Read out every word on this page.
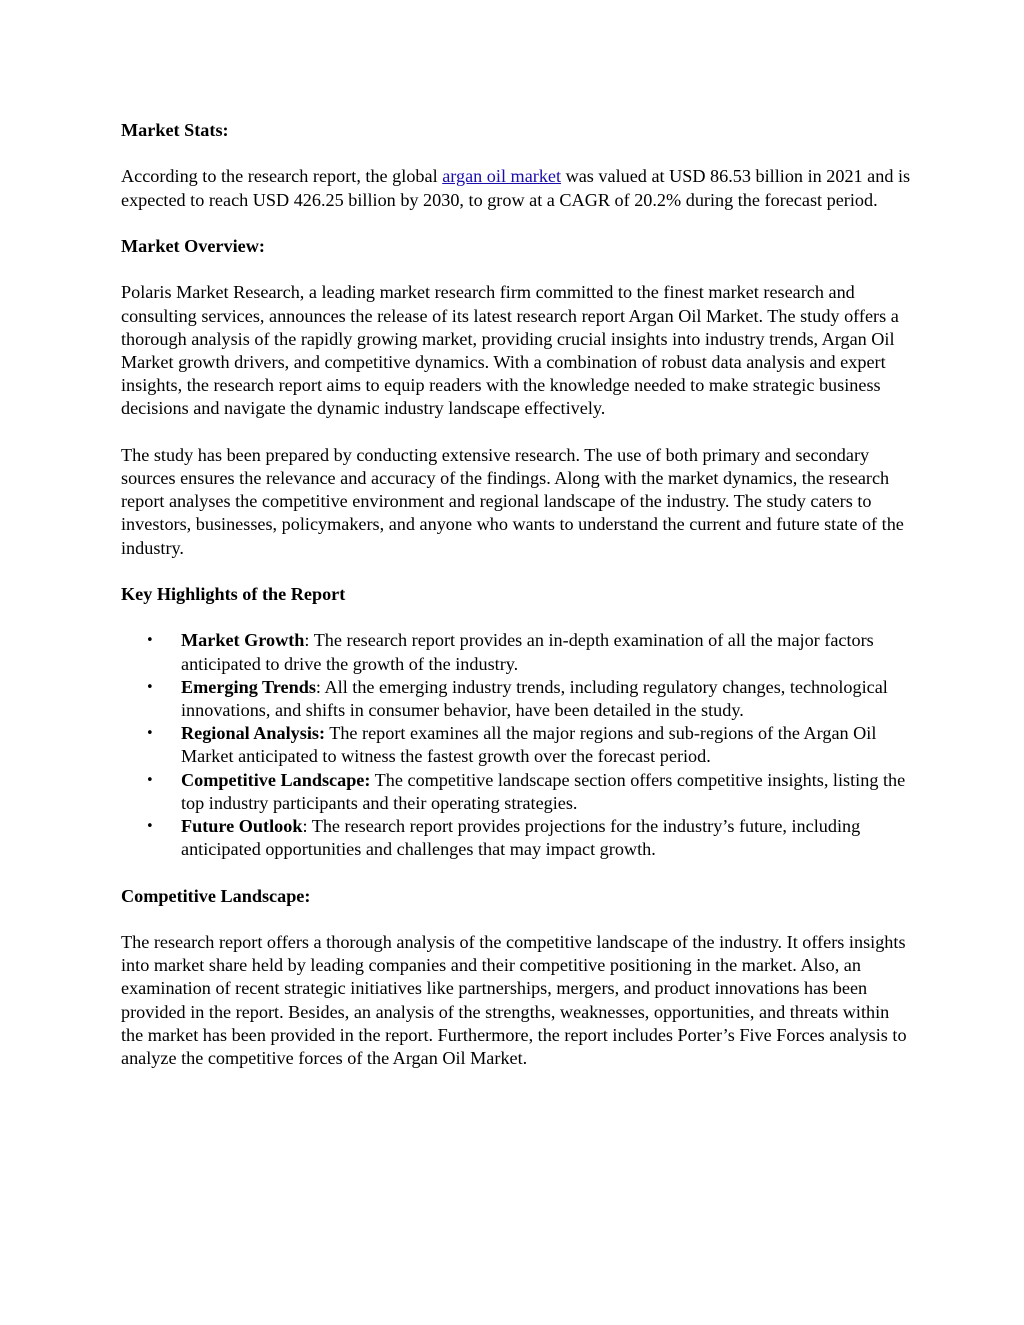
Market Stats:
According to the research report, the global argan oil market was valued at USD 86.53 billion in 2021 and is expected to reach USD 426.25 billion by 2030, to grow at a CAGR of 20.2% during the forecast period.
Market Overview:
Polaris Market Research, a leading market research firm committed to the finest market research and consulting services, announces the release of its latest research report Argan Oil Market. The study offers a thorough analysis of the rapidly growing market, providing crucial insights into industry trends, Argan Oil Market growth drivers, and competitive dynamics. With a combination of robust data analysis and expert insights, the research report aims to equip readers with the knowledge needed to make strategic business decisions and navigate the dynamic industry landscape effectively.
The study has been prepared by conducting extensive research. The use of both primary and secondary sources ensures the relevance and accuracy of the findings. Along with the market dynamics, the research report analyses the competitive environment and regional landscape of the industry. The study caters to investors, businesses, policymakers, and anyone who wants to understand the current and future state of the industry.
Key Highlights of the Report
• Market Growth: The research report provides an in-depth examination of all the major factors anticipated to drive the growth of the industry.
• Emerging Trends: All the emerging industry trends, including regulatory changes, technological innovations, and shifts in consumer behavior, have been detailed in the study.
• Regional Analysis: The report examines all the major regions and sub-regions of the Argan Oil Market anticipated to witness the fastest growth over the forecast period.
• Competitive Landscape: The competitive landscape section offers competitive insights, listing the top industry participants and their operating strategies.
• Future Outlook: The research report provides projections for the industry’s future, including anticipated opportunities and challenges that may impact growth.
Competitive Landscape:
The research report offers a thorough analysis of the competitive landscape of the industry. It offers insights into market share held by leading companies and their competitive positioning in the market. Also, an examination of recent strategic initiatives like partnerships, mergers, and product innovations has been provided in the report. Besides, an analysis of the strengths, weaknesses, opportunities, and threats within the market has been provided in the report. Furthermore, the report includes Porter’s Five Forces analysis to analyze the competitive forces of the Argan Oil Market.
